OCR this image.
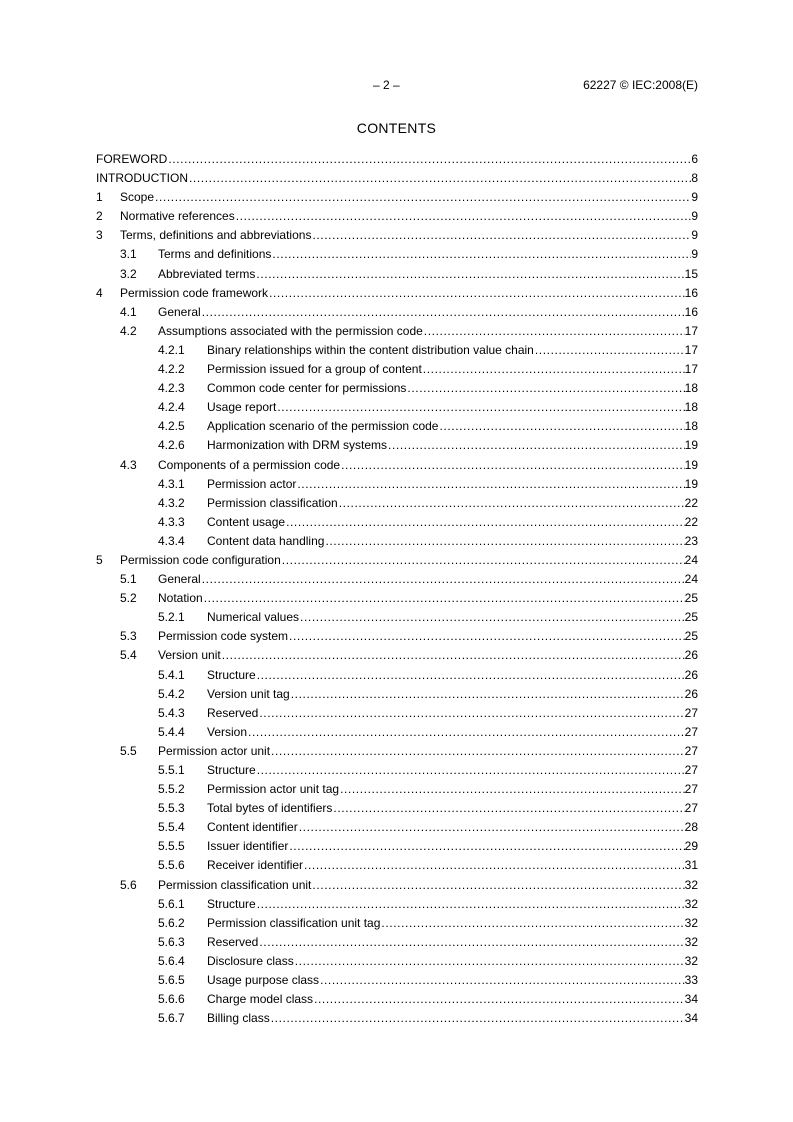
– 2 –	62227 © IEC:2008(E)
CONTENTS
FOREWORD .....	6
INTRODUCTION .....	8
1 Scope .....	9
2 Normative references .....	9
3 Terms, definitions and abbreviations .....	9
3.1 Terms and definitions .....	9
3.2 Abbreviated terms .....	15
4 Permission code framework .....	16
4.1 General .....	16
4.2 Assumptions associated with the permission code .....	17
4.2.1 Binary relationships within the content distribution value chain .....	17
4.2.2 Permission issued for a group of content .....	17
4.2.3 Common code center for permissions .....	18
4.2.4 Usage report .....	18
4.2.5 Application scenario of the permission code .....	18
4.2.6 Harmonization with DRM systems .....	19
4.3 Components of a permission code .....	19
4.3.1 Permission actor .....	19
4.3.2 Permission classification .....	22
4.3.3 Content usage .....	22
4.3.4 Content data handling .....	23
5 Permission code configuration .....	24
5.1 General .....	24
5.2 Notation .....	25
5.2.1 Numerical values .....	25
5.3 Permission code system .....	25
5.4 Version unit .....	26
5.4.1 Structure .....	26
5.4.2 Version unit tag .....	26
5.4.3 Reserved .....	27
5.4.4 Version .....	27
5.5 Permission actor unit .....	27
5.5.1 Structure .....	27
5.5.2 Permission actor unit tag .....	27
5.5.3 Total bytes of identifiers .....	27
5.5.4 Content identifier .....	28
5.5.5 Issuer identifier .....	29
5.5.6 Receiver identifier .....	31
5.6 Permission classification unit .....	32
5.6.1 Structure .....	32
5.6.2 Permission classification unit tag .....	32
5.6.3 Reserved .....	32
5.6.4 Disclosure class .....	32
5.6.5 Usage purpose class .....	33
5.6.6 Charge model class .....	34
5.6.7 Billing class .....	34
